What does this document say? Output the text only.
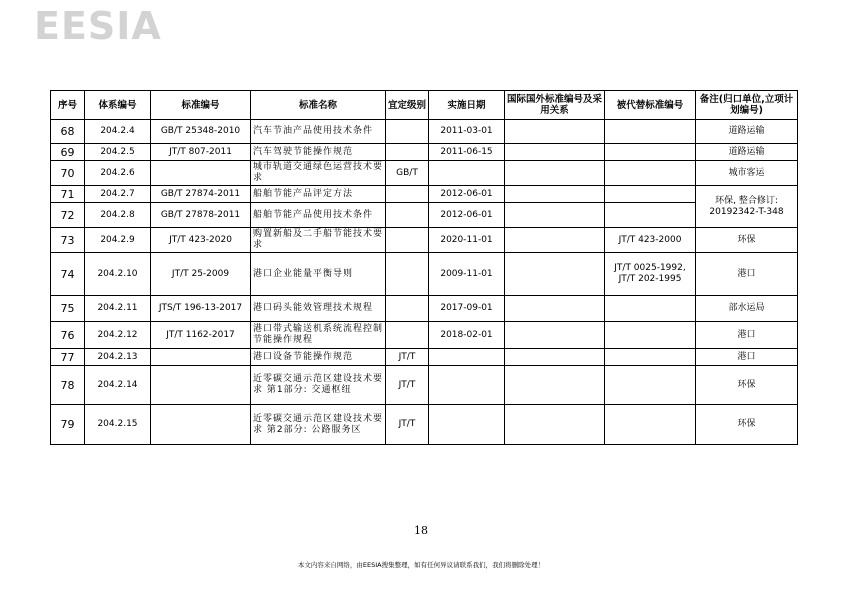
EESIA
序号	体系编号	标准编号	标准名称	宜定级别	实施日期	国际国外标准编号及采用关系	被代替标准编号	备注(归口单位,立项计划编号)
68	204.2.4	GB/T 25348-2010	汽车节油产品使用技术条件		2011-03-01			道路运输
69	204.2.5	JT/T 807-2011	汽车驾驶节能操作规范		2011-06-15			道路运输
70	204.2.6		城市轨道交通绿色运营技术要求	GB/T				城市客运
71	204.2.7	GB/T 27874-2011	船舶节能产品评定方法		2012-06-01			环保, 整合修订: 20192342-T-348
72	204.2.8	GB/T 27878-2011	船舶节能产品使用技术条件		2012-06-01			
73	204.2.9	JT/T 423-2020	购置新船及二手船节能技术要求		2020-11-01		JT/T 423-2000	环保
74	204.2.10	JT/T 25-2009	港口企业能量平衡导则		2009-11-01		JT/T 0025-1992, JT/T 202-1995	港口
75	204.2.11	JTS/T 196-13-2017	港口码头能效管理技术规程		2017-09-01			部水运局
76	204.2.12	JT/T 1162-2017	港口带式输送机系统流程控制节能操作规程		2018-02-01			港口
77	204.2.13		港口设备节能操作规范	JT/T				港口
78	204.2.14		近零碳交通示范区建设技术要求 第1部分: 交通枢纽	JT/T				环保
79	204.2.15		近零碳交通示范区建设技术要求 第2部分: 公路服务区	JT/T				环保
18
本文内容来自网络，由EESIA搜集整理，如有任何异议请联系我们，我们将删除处理！
